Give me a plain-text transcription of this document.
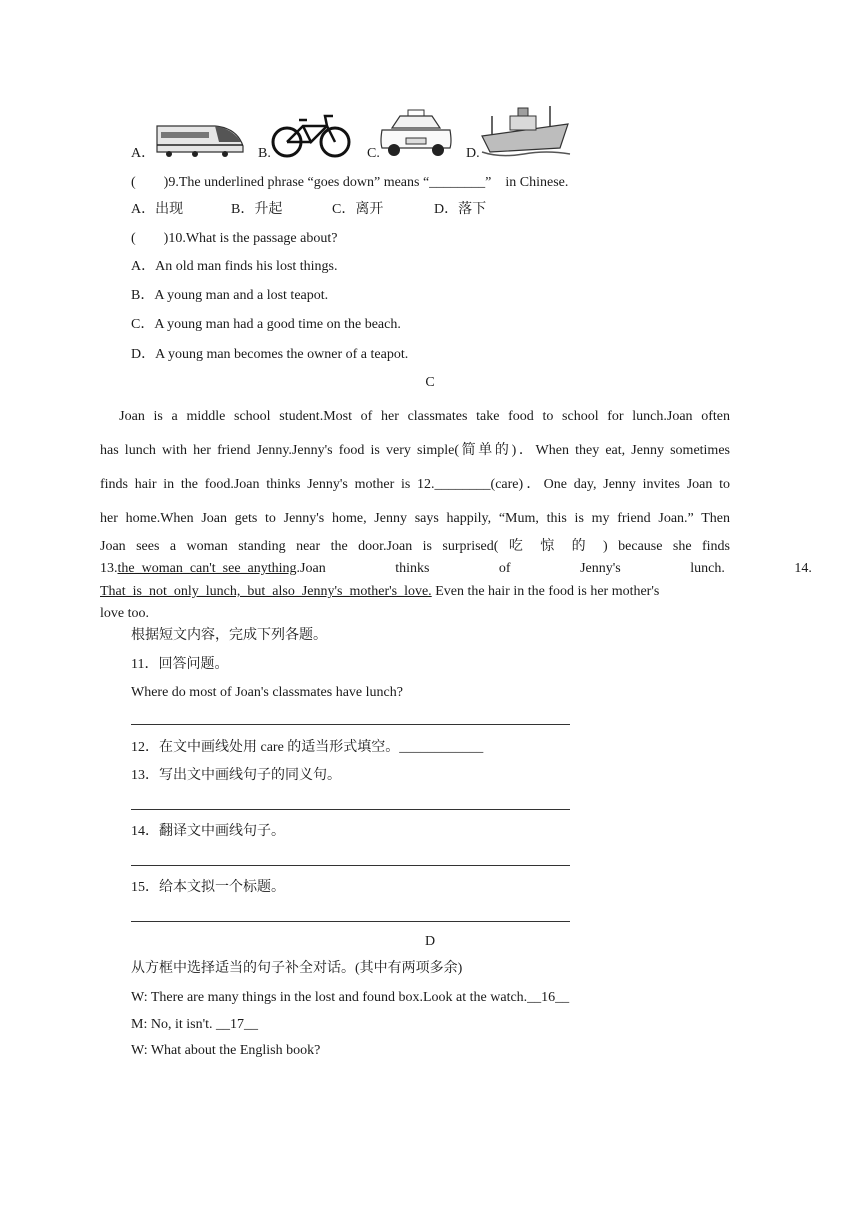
A．	B.	C.	D.
(　　)9.The underlined phrase “goes down” means “________”　in Chinese.
A．出现	B．升起	C．离开	D．落下
(　　)10.What is the passage about?
A．An old man finds his lost things.
B．A young man and a lost teapot.
C．A young man had a good time on the beach.
D．A young man becomes the owner of a teapot.
C
　Joan is a middle school student.Most of her classmates take food to school for lunch.Joan often
has lunch with her friend Jenny.Jenny's food is very simple(简单的)．When they eat, Jenny sometimes
finds hair in the food.Joan thinks Jenny's mother is 12.________(care)．One day, Jenny invites Joan to
her home.When Joan gets to Jenny's home, Jenny says happily, “Mum, this is my friend Joan.” Then
Joan sees a woman standing near the door.Joan is surprised( 吃 惊 的 ) because she finds
13.the_woman_can't_see_anything.Joan thinks of Jenny's lunch. 14.
That_is_not_only_lunch,_but_also_Jenny's_mother's_love. Even the hair in the food is her mother's
love too.
根据短文内容，完成下列各题。
11．回答问题。
Where do most of Joan's classmates have lunch?
12．在文中画线处用 care 的适当形式填空。____________
13．写出文中画线句子的同义句。
14．翻译文中画线句子。
15．给本文拟一个标题。
D
从方框中选择适当的句子补全对话。(其中有两项多余)
W: There are many things in the lost and found box.Look at the watch.__16__
M: No, it isn't. __17__
W: What about the English book?
